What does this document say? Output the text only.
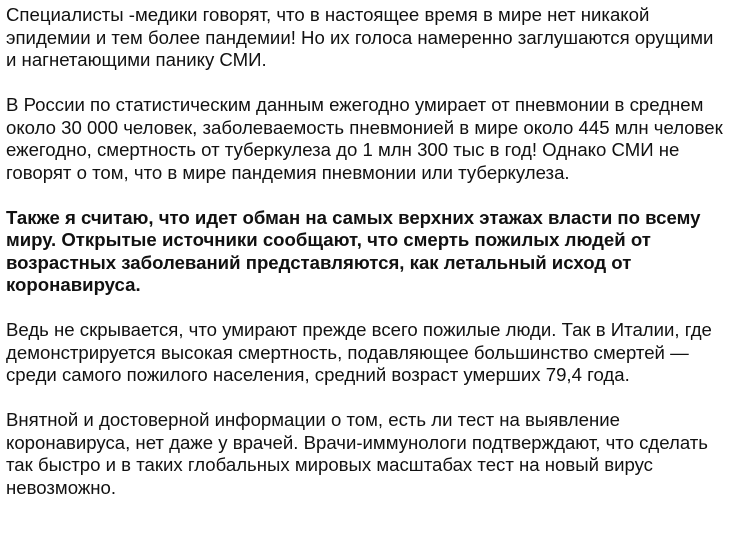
Специалисты -медики говорят, что в настоящее время в мире нет никакой эпидемии и тем более пандемии! Но их голоса намеренно заглушаются орущими и нагнетающими панику СМИ.

В России по статистическим данным ежегодно умирает от пневмонии в среднем около 30 000 человек, заболеваемость пневмонией в мире около 445 млн человек ежегодно, смертность от туберкулеза до 1 млн 300 тыс в год! Однако СМИ не говорят о том, что в мире пандемия пневмонии или туберкулеза.

Также я считаю, что идет обман на самых верхних этажах власти по всему миру. Открытые источники сообщают, что смерть пожилых людей от возрастных заболеваний представляются, как летальный исход от коронавируса.

Ведь не скрывается, что умирают прежде всего пожилые люди. Так в Италии, где демонстрируется высокая смертность, подавляющее большинство смертей — среди самого пожилого населения, средний возраст умерших 79,4 года.

Внятной и достоверной информации о том, есть ли тест на выявление коронавируса, нет даже у врачей. Врачи-иммунологи подтверждают, что сделать так быстро и в таких глобальных мировых масштабах тест на новый вирус невозможно.
